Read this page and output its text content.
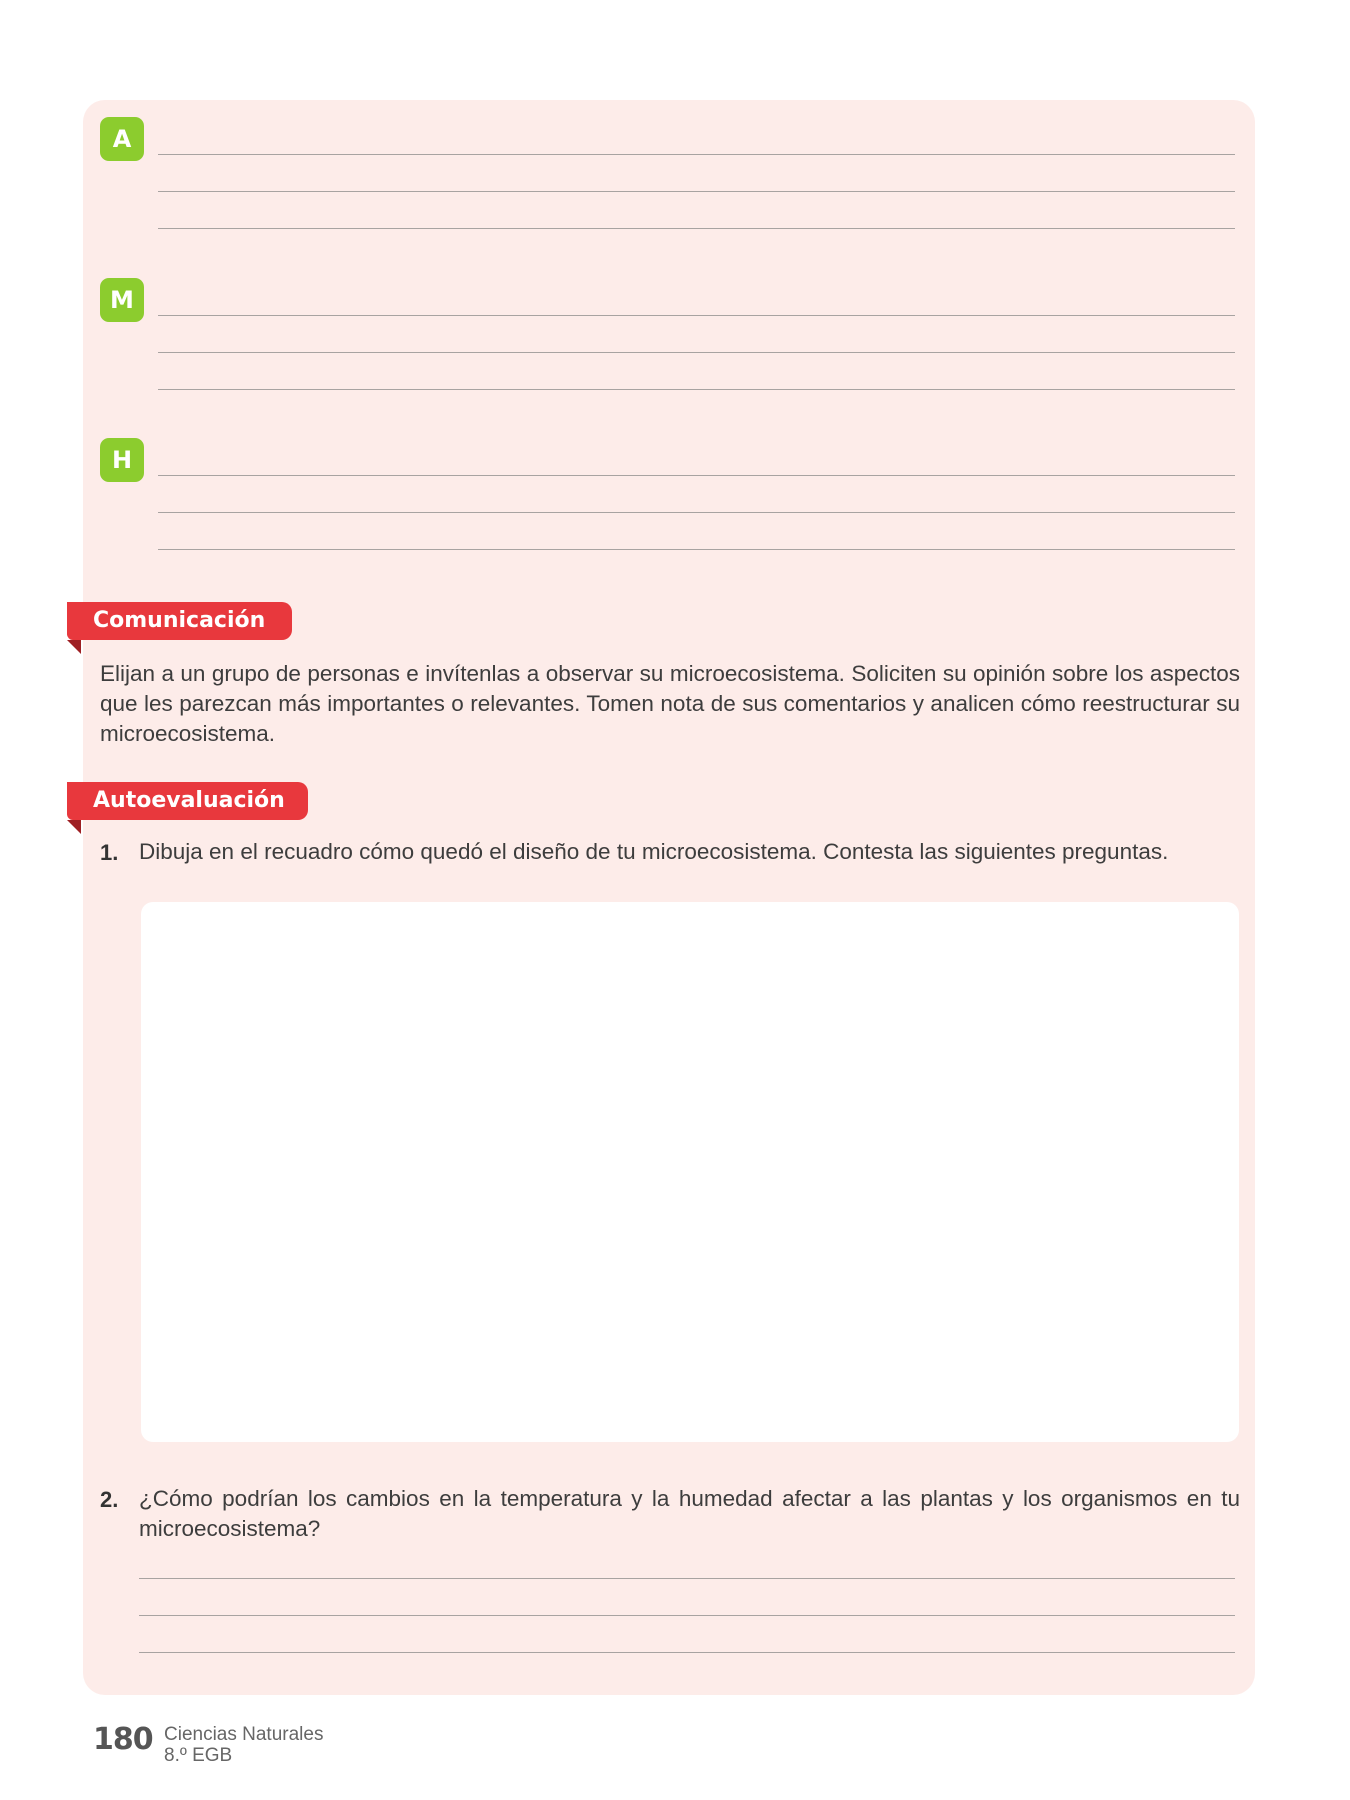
A
M
H
Comunicación

Elijan a un grupo de personas e invítenlas a observar su microecosistema. Soliciten su opinión sobre los aspectos que les parezcan más importantes o relevantes. Tomen nota de sus comentarios y analicen cómo reestructurar su microecosistema.

Autoevaluación
1. Dibuja en el recuadro cómo quedó el diseño de tu microecosistema. Contesta las siguientes preguntas.

2. ¿Cómo podrían los cambios en la temperatura y la humedad afectar a las plantas y los organismos en tu microecosistema?

180 Ciencias Naturales
8.º EGB
